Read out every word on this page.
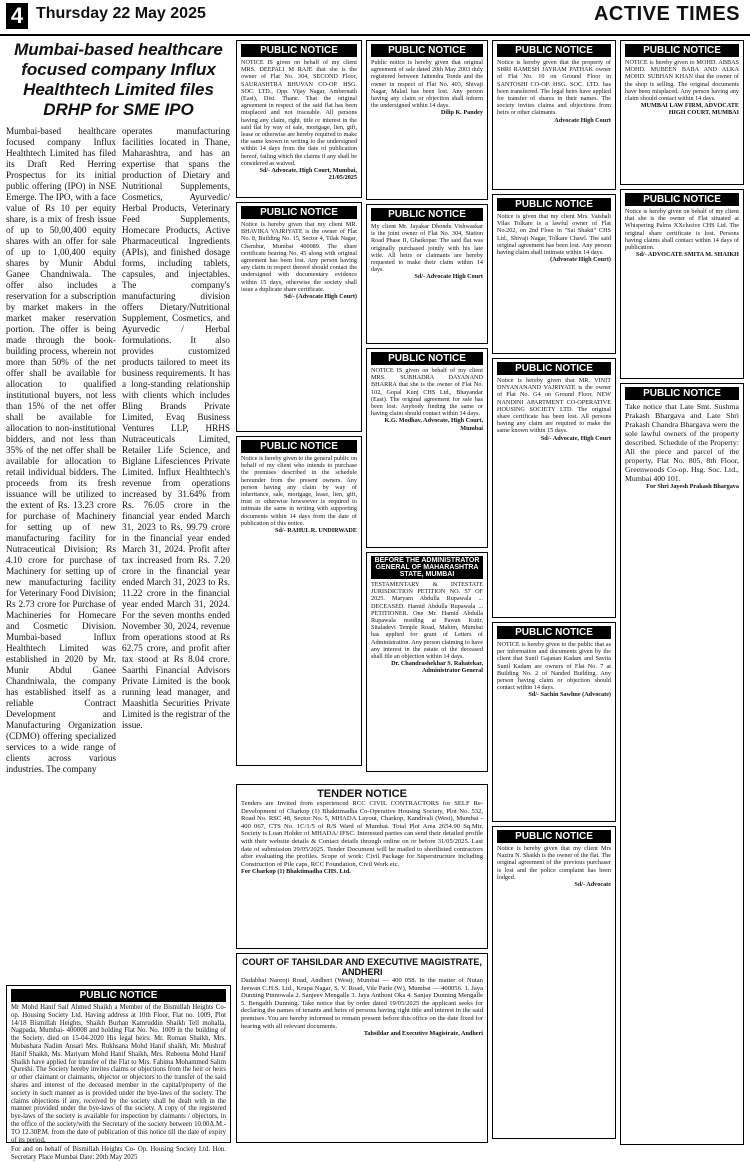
4 Thursday 22 May 2025	ACTIVE TIMES
Mumbai-based healthcare focused company Influx Healthtech Limited files DRHP for SME IPO
Mumbai-based healthcare focused company Influx Healthtech Limited has filed its Draft Red Herring Prospectus for its initial public offering (IPO) in NSE Emerge. The IPO, with a face value of Rs 10 per equity share, is a mix of fresh issue of up to 50,00,400 equity shares with an offer for sale of up to 1,00,400 equity shares by Munir Abdul Ganee Chandniwala. The offer also includes a reservation for a subscription by market makers in the market maker reservation portion. The offer is being made through the book-building process, wherein not more than 50% of the net offer shall be available for allocation to qualified institutional buyers, not less than 15% of the net offer shall be available for allocation to non-institutional bidders, and not less than 35% of the net offer shall be available for allocation to retail individual bidders. The proceeds from its fresh issuance will be utilized to the extent of Rs. 13.23 crore for purchase of Machinery for setting up of new manufacturing facility for Nutraceutical Division; Rs 4.10 crore for purchase of Machinery for setting up of new manufacturing facility for Veterinary Food Division; Rs 2.73 crore for Purchase of Machineries for Homecare and Cosmetic Division. Mumbai-based Influx Healthtech Limited was established in 2020 by Mr. Munir Abdul Ganee Chandniwala, the company has established itself as a reliable Contract Development and Manufacturing Organization (CDMO) offering specialized services to a wide range of clients across various industries. The company
operates manufacturing facilities located in Thane, Maharashtra, and has an expertise that spans the production of Dietary and Nutritional Supplements, Cosmetics, Ayurvedic/ Herbal Products, Veterinary Feed Supplements, Homecare Products, Active Pharmaceutical Ingredients (APIs), and finished dosage forms, including tablets, capsules, and injectables. The company's manufacturing division offers Dietary/Nutritional Supplement, Cosmetics, and Ayurvedic / Herbal formulations. It also provides customized products tailored to meet its business requirements. It has a long-standing relationship with clients which includes Bling Brands Private Limited, Evaq Business Ventures LLP, HRHS Nutraceuticals Limited, Retailer Life Science, and Biglane Lifesciences Private Limited. Influx Healthtech's revenue from operations increased by 31.64% from Rs. 76.05 crore in the financial year ended March 31, 2023 to Rs. 99.79 crore in the financial year ended March 31, 2024. Profit after tax increased from Rs. 7.20 crore in the financial year ended March 31, 2023 to Rs. 11.22 crore in the financial year ended March 31, 2024. For the seven months ended November 30, 2024, revenue from operations stood at Rs 62.75 crore, and profit after tax stood at Rs 8.04 crore. Saarthi Financial Advisors Private Limited is the book running lead manager, and Maashitla Securities Private Limited is the registrar of the issue.
PUBLIC NOTICE
Mr Mohd Hanif Saif Ahmed Shaikh a Member of the Bismillah Heights Co-op. Housing Society Ltd. Having address at 10th Floor, Flat no. 1009, Plot 14/18 Bismillah Heights, Shaikh Burhan Kamruddin Shaikh Tell mohalla, Nagpada, Mumbai- 400008 and holding Flat No. No. 1009 in the building of the Society, died on 15-04-2020 His legal heirs: Mr. Roman Shaikh, Mrs. Mubashara Nadim Ansari Mrs. Rukhsana Mohd Hanif shaikh, Mr. Mushraf Hanif Shaikh, Ms. Mariyam Mohd Hanif Shaikh, Mrs. Rubeena Mohd Hanif Shaikh have applied for transfer of the Flat to Mrs. Fahima Mohammed Salim Qureshi. The Society hereby invites claims or objections from the heir or heirs or other claimant or claimants, objector or objectors to the transfer of the said shares and interest of the deceased member in the capital/property of the society in such manner as is provided under the bye-laws of the society. The claims objections if any, received by the society shall be dealt with in the manner provided under the bye-laws of the society. A copy of the registered bye-laws of the society is available for inspection by claimants / objectors, in the office of the society/with the Secretary of the society between 10.00A.M.-TO 12.30P.M. from the date of publication of this notice till the date of expiry of its period.
For and on behalf of Bismillah Heights Co- Op. Housing Society Ltd. Hon. Secretary Place Mumbai Date: 20th May 2025
PUBLIC NOTICE
NOTICE IS given on behalf of my client MRS. DEEPALI M RAJE that she is the owner of Flat No. 304, SECOND Floor, SAURASHTRA BHUVAN CO-OP. HSG. SOC. LTD., Opp. Vijay Nagar, Ambernath (East), Dist. Thane. That the original agreement in respect of the said flat has been misplaced and not traceable. All persons having any claim, right, title or interest in the said flat by way of sale, mortgage, lien, gift, lease or otherwise are hereby required to make the same known in writing to the undersigned within 14 days from the date of publication hereof, failing which the claims if any shall be considered as waived.
Sd/- Advocate, High Court, Mumbai, 21/05/2025
PUBLIC NOTICE
Notice is hereby given that my client MR. BHAVIKA VAJRIYATE is the owner of Flat No. 8, Building No. 15, Sector 4, Tilak Nagar, Chembur, Mumbai 400089. The share certificate bearing No. 45 along with original agreement has been lost. Any person having any claim in respect thereof should contact the undersigned with documentary evidence within 15 days, otherwise the society shall issue a duplicate share certificate.
Sd/- (Advocate High Court)
PUBLIC NOTICE
Notice is hereby given to the general public on behalf of my client who intends to purchase the premises described in the schedule hereunder from the present owners. Any person having any claim by way of inheritance, sale, mortgage, lease, lien, gift, trust or otherwise howsoever is required to intimate the same in writing with supporting documents within 14 days from the date of publication of this notice.
Sd/- RAHUL R. UNDIRWADE
PUBLIC NOTICE
Public notice is hereby given that original agreement of sale dated 20th May 2003 duly registered between Jaitendra Tonde and the owner in respect of Flat No. 403, Shivaji Nagar, Malad has been lost. Any person having any claim or objection shall inform the undersigned within 14 days.
Dilip K. Pandey
PUBLIC NOTICE
My client Mr. Jayakar Dhondu Vishwaskar is the joint owner of Flat No. 304, Station Road Phase II, Ghatkopar. The said flat was originally purchased jointly with his late wife. All heirs or claimants are hereby requested to make their claim within 14 days.
Sd/- Advocate High Court
PUBLIC NOTICE
NOTICE IS given on behalf of my client MRS. SUBHADRA DAYANAND BHARRA that she is the owner of Flat No. 102, Gopal Kunj CHS Ltd., Bhayandar (East). The original agreement for sale has been lost. Anybody finding the same or having claim should contact within 14 days.
K.G. Modhav, Advocate, High Court, Mumbai
BEFORE THE ADMINISTRATOR GENERAL OF MAHARASHTRA STATE, MUMBAI
TESTAMENTARY & INTESTATE JURISDICTION PETITION NO. 57 OF 2025. Maryam Abdulla Rupawala ... DECEASED. Hamid Abdulla Rupawala ... PETITIONER. One Mr. Hamid Abdulla Rupawala residing at Pawan Kutir, Sitaladevi Temple Road, Mahim, Mumbai has applied for grant of Letters of Administration. Any person claiming to have any interest in the estate of the deceased shall file an objection within 14 days.
Dr. Chandrashekhar S. Rahatekar, Administrator General
TENDER NOTICE
Tenders are Invited from experienced RCC CIVIL CONTRACTORS for SELF Re-Development of Charkop (1) Bhaktimadha Co-Operative Housing Society, Plot No. 532, Road No. RSC 48, Sector No. 5, MHADA Layout, Charkop, Kandivali (West), Mumbai - 400 067, CTS No. 1C/1/5 of R/S Ward of Mumbai. Total Plot Area 2654.90 Sq.Mtr. Society is Loan Holder of MHADA/ IFSC. Interested parties can send their detailed profile with their website details & Contact details through online on or before 31/05/2025. Last date of submission 29/05/2025. Tender Document will be mailed to shortlisted contractors after evaluating the profiles. Scope of work: Civil Package for Superstructure including Construction of Pile caps, RCC Foundation, Civil Work etc.
For Charkop (1) Bhaktimadha CHS. Ltd.
COURT OF TAHSILDAR AND EXECUTIVE MAGISTRATE, ANDHERI
Dadabhai Naoroji Road, Andheri (West), Mumbai — 400 058. In the matter of Nutan Jeewan C.H.S. Ltd., Krupa Nagar, S. V. Road, Vile Parle (W), Mumbai — 400056. 1. Jaya Dunning Pinnowala 2. Sanjeev Mengalle 3. Jaya Anthoni Oka 4. Sanjay Dunning Mengalle 5. Bengalth Dunning. Take notice that by order dated 19/05/2025 the applicant seeks for declaring the names of tenants and heirs of persons having right title and interest in the said premises. You are hereby informed to remain present before this office on the date fixed for hearing with all relevant documents.
Tahsildar and Executive Magistrate, Andheri
PUBLIC NOTICE
Notice is hereby given that the property of SHRI RAMESH JAYRAM PATHAK owner of Flat No. 10 on Ground Floor in SANTOSHI CO-OP. HSG. SOC. LTD. has been transferred. The legal heirs have applied for transfer of shares in their names. The society invites claims and objections from heirs or other claimants.
Advocate High Court
PUBLIC NOTICE
Notice is given that my client Mrs. Vaishali Vilas Tolkare is a lawful owner of Flat No.202, on 2nd Floor in "Sai Shakti" CHS Ltd., Shivaji Nagar, Tolkare Chawl. The said original agreement has been lost. Any person having claim shall intimate within 14 days.
(Advocate High Court)
PUBLIC NOTICE
Notice is hereby given that MR. VINIT DNYANANAND VAJRIYATE is the owner of Flat No. G4 on Ground Floor, NEW NANDINI APARTMENT CO-OPERATIVE HOUSING SOCIETY LTD. The original share certificate has been lost. All persons having any claim are required to make the same known within 15 days.
Sd/- Advocate, High Court
PUBLIC NOTICE
NOTICE is hereby given to the public that as per information and documents given by the client that Sunil Gajanan Kadam and Savita Sunil Kadam are owners of Flat No. 7 at Building No. 2 of Nanded Building. Any person having claim or objection should contact within 14 days.
Sd/- Sachin Sawhne (Advocate)
PUBLIC NOTICE
Notice is hereby given that my client Mrs Nazira N. Shaikh is the owner of the flat. The original agreement of the previous purchaser is lost and the police complaint has been lodged.
Sd/- Advocate
PUBLIC NOTICE
NOTICE is hereby given to MOHD. ABBAS MOHD. MUBEEN BABA AND ALKA MOHD. SUBHAN KHAN that the owner of the shop is selling. The original documents have been misplaced. Any person having any claim should contact within 14 days.
MUMBAI LAW FIRM, ADVOCATE HIGH COURT, MUMBAI
PUBLIC NOTICE
Notice is hereby given on behalf of my client that she is the owner of Flat situated at Whispering Palms XXclusive CHS Ltd. The original share certificate is lost. Persons having claims shall contact within 14 days of publication.
Sd/- ADVOCATE SMITA M. SHAIKH
PUBLIC NOTICE
Take notice that Late Smt. Sushma Prakash Bhargava and Late Shri Prakash Chandra Bhargava were the sole lawful owners of the property described. Schedule of the Property: All the piece and parcel of the property, Flat No. 805, 8th Floor, Greenwoods Co-op. Hsg. Soc. Ltd., Mumbai 400 101.
For Shri Jayesh Prakash Bhargava
